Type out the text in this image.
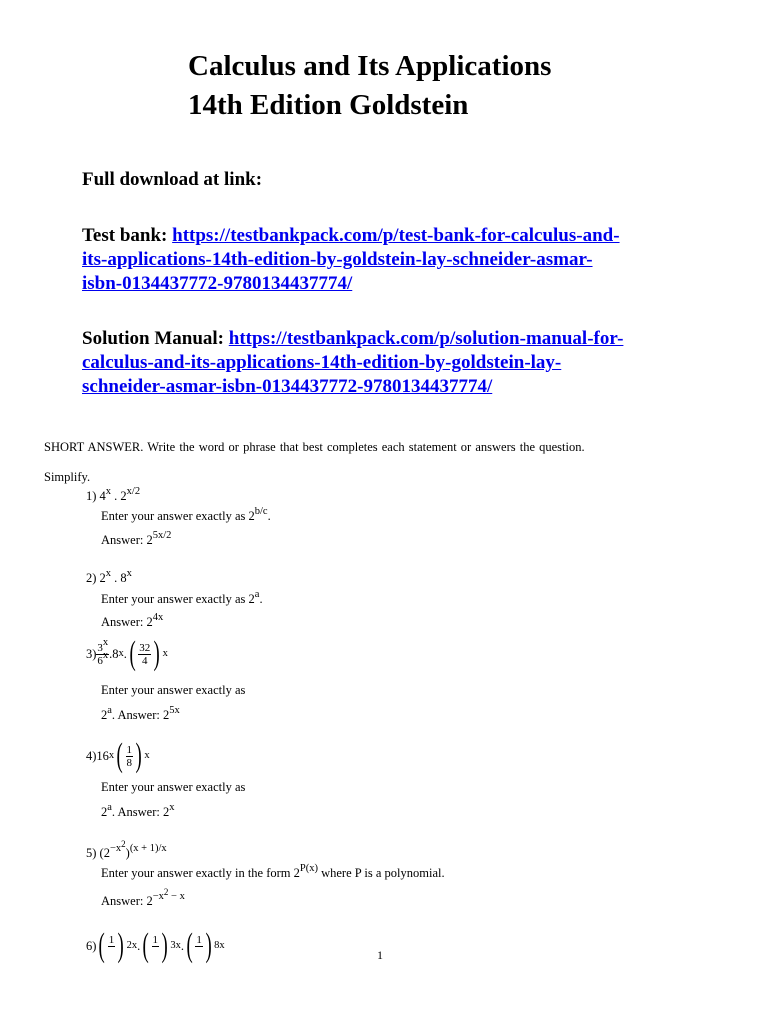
Calculus and Its Applications
14th Edition Goldstein
Full download at link:
Test bank: https://testbankpack.com/p/test-bank-for-calculus-and-
its-applications-14th-edition-by-goldstein-lay-schneider-asmar-
isbn-0134437772-9780134437774/
Solution Manual: https://testbankpack.com/p/solution-manual-for-
calculus-and-its-applications-14th-edition-by-goldstein-lay-
schneider-asmar-isbn-0134437772-9780134437774/
SHORT ANSWER. Write the word or phrase that best completes each statement or answers the question.
Simplify.
1) 4$^x$ . $2^{x/2}$
Enter your answer exactly as $2^{b/c}$.
Answer: $2^{5x/2}$
2) 2$^x$ . 8$^x$
Enter your answer exactly as 2$^a$.
Answer: $2^{4x}$
$3) \frac{3^x}{6^x}$ . 8 x . ( $\frac{32}{4}$ ) x
Enter your answer exactly as
2$^a$. Answer: $2^{5x}$
4) 16 x ( $\frac{1}{8}$ ) x
Enter your answer exactly as
2$^a$. Answer: 2$^x$
5) $(2^{-x^2})^{(x + 1)/x}$
Enter your answer exactly in the form $2^{P(x)}$ where P is a polynomial.
Answer: $2^{-x^2 - x}$
6) ( 1
) 2x . ( 1
) 3x . ( 1
) 8x
1
